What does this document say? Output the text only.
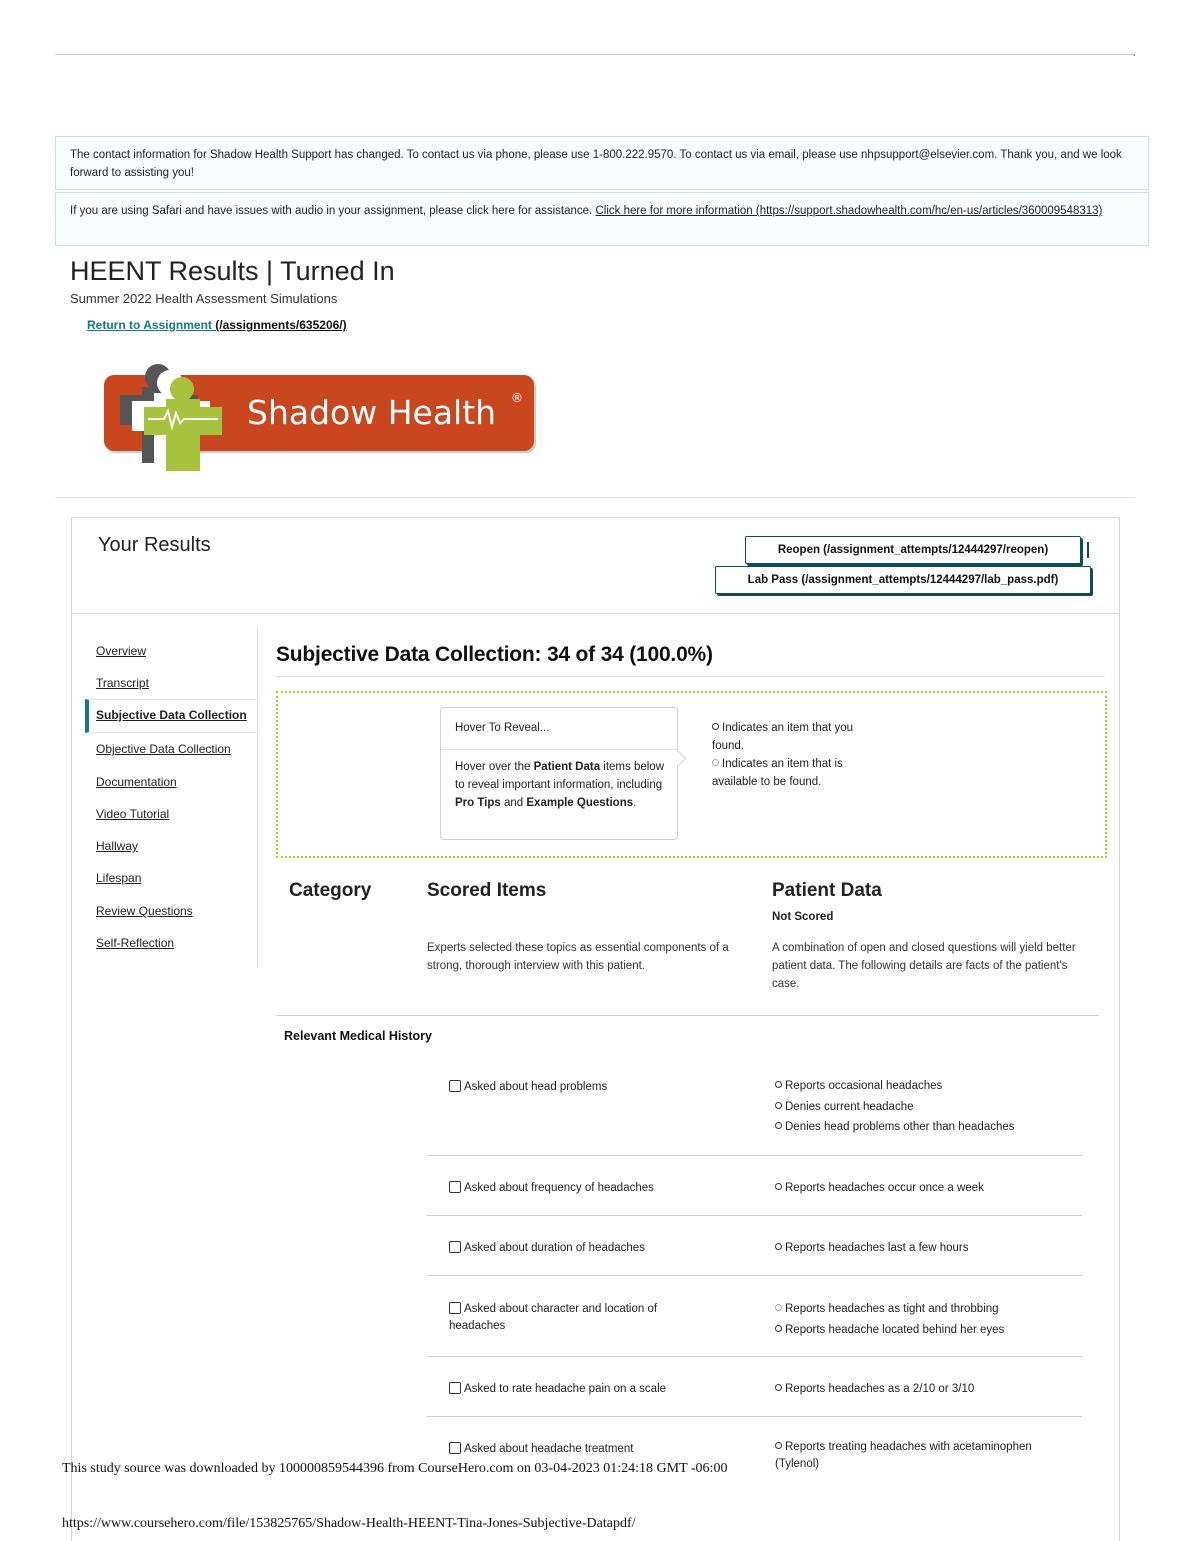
.
The contact information for Shadow Health Support has changed. To contact us via phone, please use 1-800.222.9570. To contact us via email, please use nhpsupport@elsevier.com. Thank you, and we look forward to assisting you!
If you are using Safari and have issues with audio in your assignment, please click here for assistance. Click here for more information (https://support.shadowhealth.com/hc/en-us/articles/360009548313)
HEENT Results | Turned In
Summer 2022 Health Assessment Simulations
Return to Assignment (/assignments/635206/)
Shadow Health ®
Your Results	Reopen (/assignment_attempts/12444297/reopen)
Lab Pass (/assignment_attempts/12444297/lab_pass.pdf)
Overview
Transcript
Subjective Data Collection
Objective Data Collection
Documentation
Video Tutorial
Hallway
Lifespan
Review Questions
Self-Reflection
Subjective Data Collection: 34 of 34 (100.0%)
Hover To Reveal...
Hover over the Patient Data items below to reveal important information, including Pro Tips and Example Questions.
Indicates an item that you found.
Indicates an item that is available to be found.
Category	Scored Items	Patient Data
Not Scored
Experts selected these topics as essential components of a strong, thorough interview with this patient.
A combination of open and closed questions will yield better patient data. The following details are facts of the patient's case.
Relevant Medical History
Asked about head problems	Reports occasional headaches
Denies current headache
Denies head problems other than headaches
Asked about frequency of headaches	Reports headaches occur once a week
Asked about duration of headaches	Reports headaches last a few hours
Asked about character and location of headaches
Reports headaches as tight and throbbing
Reports headache located behind her eyes
Asked to rate headache pain on a scale	Reports headaches as a 2/10 or 3/10
Asked about headache treatment	Reports treating headaches with acetaminophen (Tylenol)
This study source was downloaded by 100000859544396 from CourseHero.com on 03-04-2023 01:24:18 GMT -06:00
https://www.coursehero.com/file/153825765/Shadow-Health-HEENT-Tina-Jones-Subjective-Datapdf/
